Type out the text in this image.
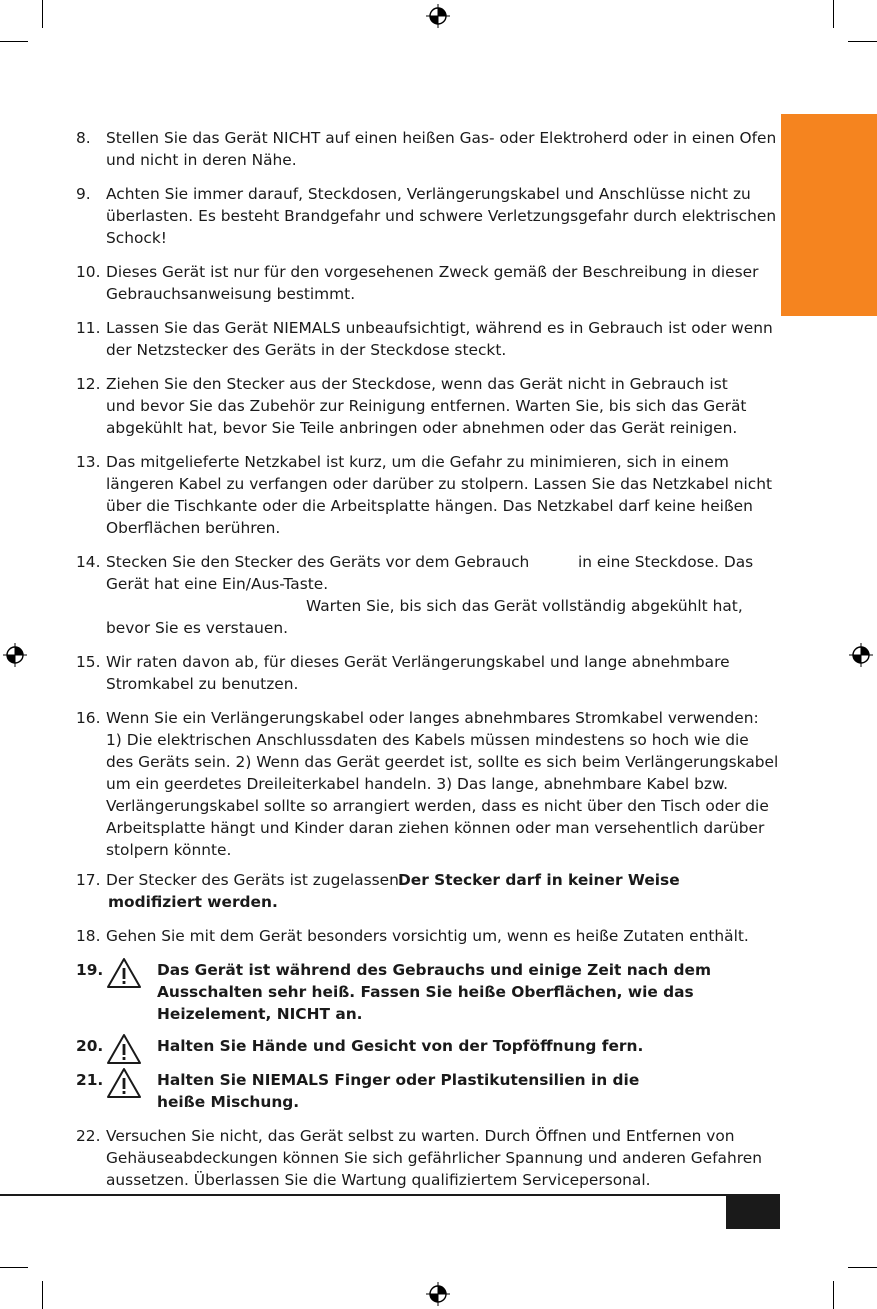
8. Stellen Sie das Gerät NICHT auf einen heißen Gas- oder Elektroherd oder in einen Ofen
und nicht in deren Nähe.
9. Achten Sie immer darauf, Steckdosen, Verlängerungskabel und Anschlüsse nicht zu
überlasten. Es besteht Brandgefahr und schwere Verletzungsgefahr durch elektrischen
Schock!
10. Dieses Gerät ist nur für den vorgesehenen Zweck gemäß der Beschreibung in dieser
Gebrauchsanweisung bestimmt.
11. Lassen Sie das Gerät NIEMALS unbeaufsichtigt, während es in Gebrauch ist oder wenn
der Netzstecker des Geräts in der Steckdose steckt.
12. Ziehen Sie den Stecker aus der Steckdose, wenn das Gerät nicht in Gebrauch ist
und bevor Sie das Zubehör zur Reinigung entfernen. Warten Sie, bis sich das Gerät
abgekühlt hat, bevor Sie Teile anbringen oder abnehmen oder das Gerät reinigen.
13. Das mitgelieferte Netzkabel ist kurz, um die Gefahr zu minimieren, sich in einem
längeren Kabel zu verfangen oder darüber zu stolpern. Lassen Sie das Netzkabel nicht
über die Tischkante oder die Arbeitsplatte hängen. Das Netzkabel darf keine heißen
Oberflächen berühren.
14. Stecken Sie den Stecker des Geräts vor dem Gebrauch	in eine Steckdose. Das
Gerät hat eine Ein/Aus-Taste.
Warten Sie, bis sich das Gerät vollständig abgekühlt hat,
bevor Sie es verstauen.
15. Wir raten davon ab, für dieses Gerät Verlängerungskabel und lange abnehmbare
Stromkabel zu benutzen.
16. Wenn Sie ein Verlängerungskabel oder langes abnehmbares Stromkabel verwenden:
1) Die elektrischen Anschlussdaten des Kabels müssen mindestens so hoch wie die
des Geräts sein. 2) Wenn das Gerät geerdet ist, sollte es sich beim Verlängerungskabel
um ein geerdetes Dreileiterkabel handeln. 3) Das lange, abnehmbare Kabel bzw.
Verlängerungskabel sollte so arrangiert werden, dass es nicht über den Tisch oder die
Arbeitsplatte hängt und Kinder daran ziehen können oder man versehentlich darüber
stolpern könnte.
17. Der Stecker des Geräts ist zugelassen.
Der Stecker darf in keiner Weise
modifiziert werden.
18. Gehen Sie mit dem Gerät besonders vorsichtig um, wenn es heiße Zutaten enthält.
19.	Das Gerät ist während des Gebrauchs und einige Zeit nach dem
Ausschalten sehr heiß. Fassen Sie heiße Oberflächen, wie das
Heizelement, NICHT an.
20.	Halten Sie Hände und Gesicht von der Topföffnung fern.
21.	Halten Sie NIEMALS Finger oder Plastikutensilien in die
heiße Mischung.
22. Versuchen Sie nicht, das Gerät selbst zu warten. Durch Öffnen und Entfernen von
Gehäuseabdeckungen können Sie sich gefährlicher Spannung und anderen Gefahren
aussetzen. Überlassen Sie die Wartung qualifiziertem Servicepersonal.
